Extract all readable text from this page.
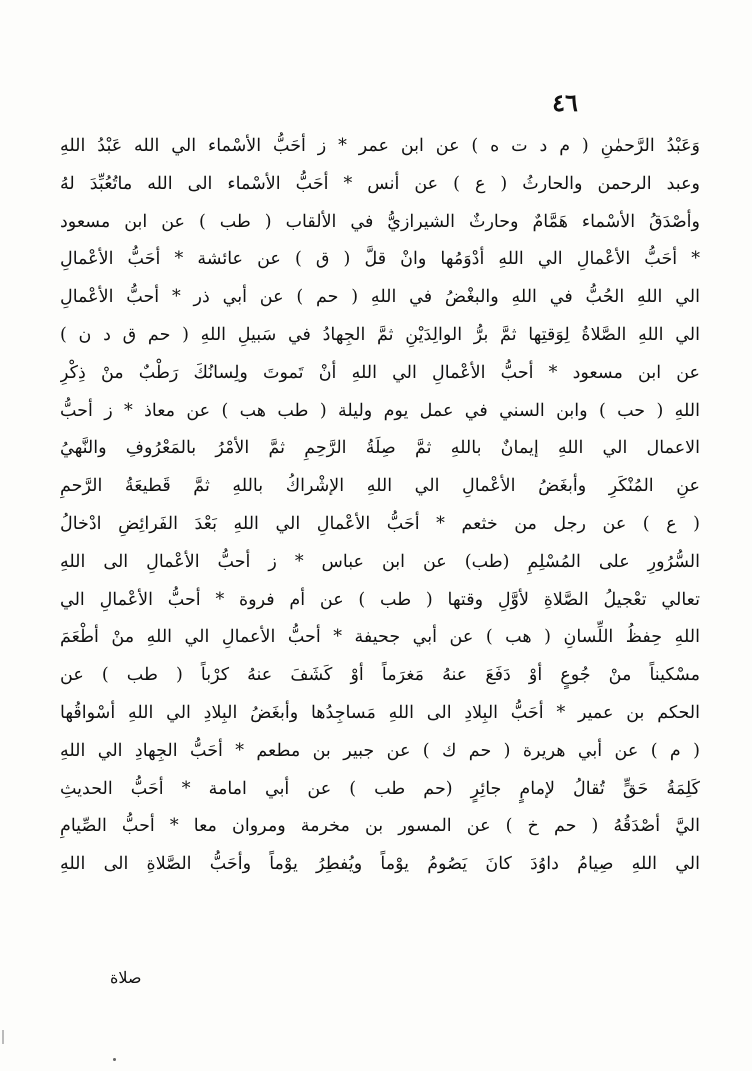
٤٦
وَعَبْدُ الرَّحمٰنِ ( م د ت ه ) عن ابن عمر * ز أحَبُّ الأسْماء الي الله عَبْدُ اللهِ
وعبد الرحمن والحارثُ ( ع ) عن أنس * أحَبُّ الأسْماء الى الله ماتُعُبِّدَ لهُ
وأصْدَقُ الأسْماء هَمَّامٌ وحارثٌ الشيرازيُّ في الألقاب ( طب ) عن ابن مسعود
* أحَبُّ الأعْمالِ الي اللهِ أدْوَمُها وانْ قلَّ ( ق ) عن عائشة * أحَبُّ الأعْمالِ
الي اللهِ الحُبُّ في اللهِ والبغْضُ في اللهِ ( حم ) عن أبي ذر * أحبُّ الأعْمالِ
الي اللهِ الصَّلاةُ لِوَقتِها ثمَّ برُّ الوالِدَيْنِ ثمَّ الجِهادُ في سَبيلِ اللهِ ( حم ق د ن )
عن ابن مسعود * أحبُّ الأعْمالِ الي اللهِ أنْ تَموتَ ولِسانُكَ رَطْبٌ منْ ذِكْرِ
اللهِ ( حب ) وابن السني في عمل يوم وليلة ( طب هب ) عن معاذ * ز أحبُّ
الاعمال الي اللهِ إيمانٌ باللهِ ثمَّ صِلَةُ الرَّحِمِ ثمَّ الأمْرُ بالمَعْرُوفِ والنَّهيُ
عنِ المُنْكَرِ وأبغَضُ الأعْمالِ الي اللهِ الإشْراكُ باللهِ ثمَّ قَطيعَةُ الرَّحمِ
( ع ) عن رجل من خثعم * أحَبُّ الأعْمالِ الي اللهِ بَعْدَ الفَرائِضِ ادْخالُ
السُّرُورِ على المُسْلِمِ (طب) عن ابن عباس * ز أحبُّ الأعْمالِ الى اللهِ
تعالي تعْجيلُ الصَّلاةِ لأوَّلِ وقتها ( طب ) عن أم فروة * أحبُّ الأعْمالِ الي
اللهِ حِفظُ اللِّسانِ ( هب ) عن أبي جحيفة * أحبُّ الأعمالِ الي اللهِ منْ أطْعَمَ
مسْكيناً منْ جُوعٍ أوْ دَفَعَ عنهُ مَغرَماً أوْ كَشَفَ عنهُ كرْباً ( طب ) عن
الحكم بن عمير * أحَبُّ البِلادِ الى اللهِ مَساجِدُها وأبغَضُ البِلادِ الي اللهِ أسْواقُها
( م ) عن أبي هريرة ( حم ك ) عن جبير بن مطعم * أحَبُّ الجِهادِ الي اللهِ
كَلِمَةُ حَقٍّ تُقالُ لإمامٍ جائِرٍ (حم طب ) عن أبي امامة * أحَبُّ الحديثِ
اليَّ أصْدَقُهُ ( حم خ ) عن المسور بن مخرمة ومروان معا * أحبُّ الصِّيامِ
الي اللهِ صِيامُ داوُدَ كانَ يَصُومُ يوْماً ويُفطِرُ يوْماً وأحَبُّ الصَّلاةِ الى اللهِ
صلاة
